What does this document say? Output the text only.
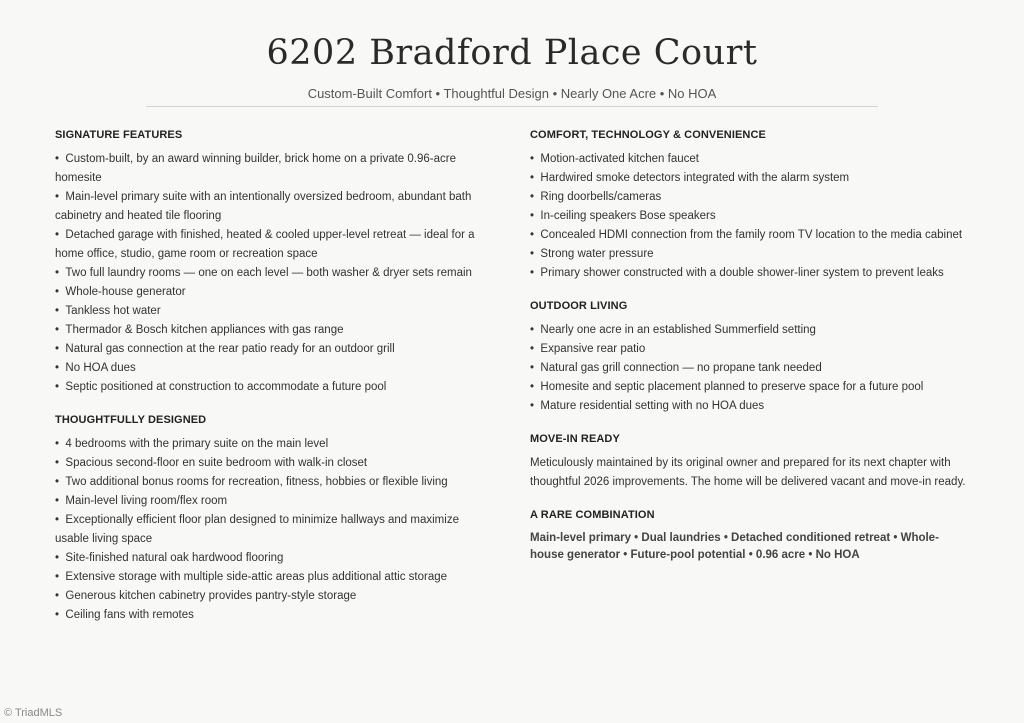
6202 Bradford Place Court
Custom-Built Comfort • Thoughtful Design • Nearly One Acre • No HOA
SIGNATURE FEATURES
•  Custom-built, by an award winning builder, brick home on a private 0.96-acre homesite
•  Main-level primary suite with an intentionally oversized bedroom, abundant bath cabinetry and heated tile flooring
•  Detached garage with finished, heated & cooled upper-level retreat — ideal for a home office, studio, game room or recreation space
•  Two full laundry rooms — one on each level — both washer & dryer sets remain
•  Whole-house generator
•  Tankless hot water
•  Thermador & Bosch kitchen appliances with gas range
•  Natural gas connection at the rear patio ready for an outdoor grill
•  No HOA dues
•  Septic positioned at construction to accommodate a future pool
THOUGHTFULLY DESIGNED
•  4 bedrooms with the primary suite on the main level
•  Spacious second-floor en suite bedroom with walk-in closet
•  Two additional bonus rooms for recreation, fitness, hobbies or flexible living
•  Main-level living room/flex room
•  Exceptionally efficient floor plan designed to minimize hallways and maximize usable living space
•  Site-finished natural oak hardwood flooring
•  Extensive storage with multiple side-attic areas plus additional attic storage
•  Generous kitchen cabinetry provides pantry-style storage
•  Ceiling fans with remotes
COMFORT, TECHNOLOGY & CONVENIENCE
•  Motion-activated kitchen faucet
•  Hardwired smoke detectors integrated with the alarm system
•  Ring doorbells/cameras
•  In-ceiling speakers Bose speakers
•  Concealed HDMI connection from the family room TV location to the media cabinet
•  Strong water pressure
•  Primary shower constructed with a double shower-liner system to prevent leaks
OUTDOOR LIVING
•  Nearly one acre in an established Summerfield setting
•  Expansive rear patio
•  Natural gas grill connection — no propane tank needed
•  Homesite and septic placement planned to preserve space for a future pool
•  Mature residential setting with no HOA dues
MOVE-IN READY

Meticulously maintained by its original owner and prepared for its next chapter with thoughtful 2026 improvements. The home will be delivered vacant and move-in ready.

A RARE COMBINATION

Main-level primary • Dual laundries • Detached conditioned retreat • Whole-house generator • Future-pool potential • 0.96 acre • No HOA

© TriadMLS
